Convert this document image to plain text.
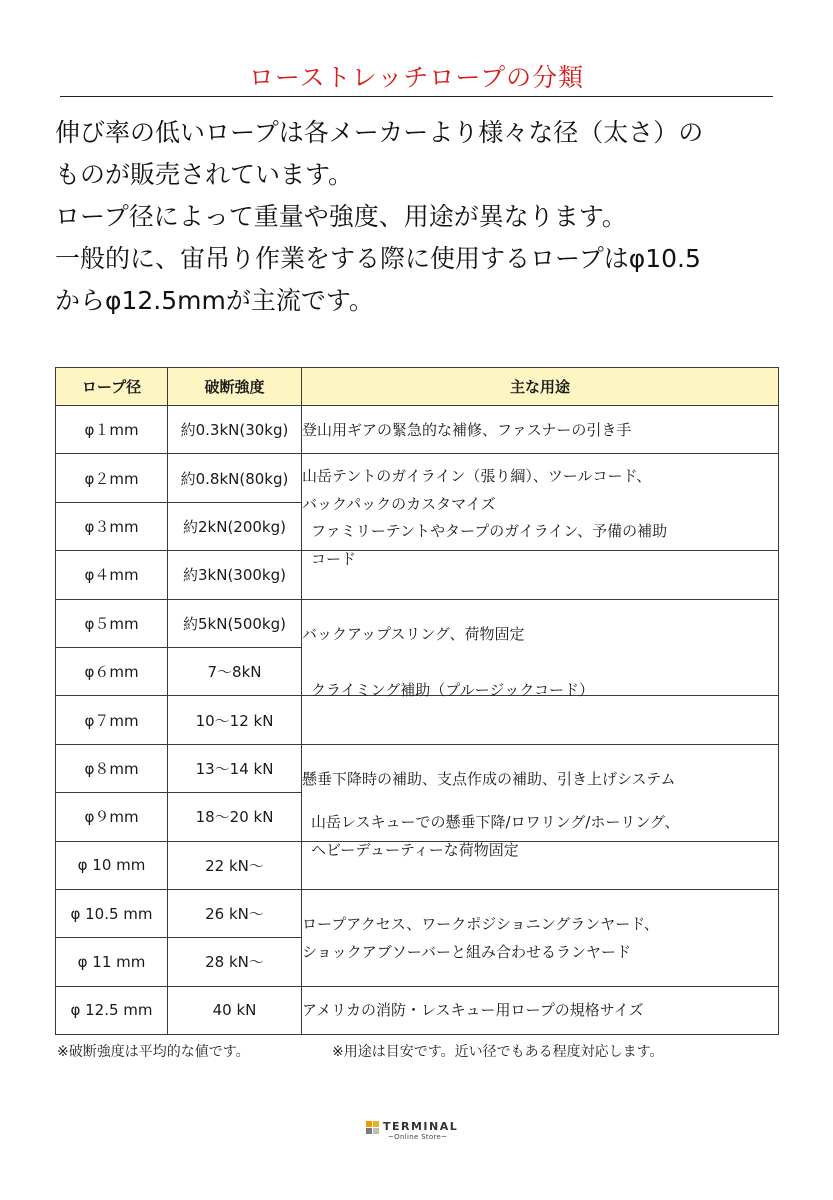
ローストレッチロープの分類
伸び率の低いロープは各メーカーより様々な径（太さ）の
ものが販売されています。
ロープ径によって重量や強度、用途が異なります。
一般的に、宙吊り作業をする際に使用するロープはφ10.5
からφ12.5mmが主流です。
ロープ径	破断強度	主な用途
φ１mm	約0.3kN(30kg)	登山用ギアの緊急的な補修、ファスナーの引き手

φ２mm	約0.8kN(80kg)	山岳テントのガイライン（張り綱）、ツールコード、
バックパックのカスタマイズ

φ３mm	約2kN(200kg)	
φ４mm	約3kN(300kg)	ファミリーテントやタープのガイライン、予備の補助
コード

φ５mm	約5kN(500kg)	バックアップスリング、荷物固定

φ６mm	7～8kN	
φ７mm	10～12 kN	クライミング補助（プルージックコード）

φ８mm	13～14 kN	懸垂下降時の補助、支点作成の補助、引き上げシステム

φ９mm	18～20 kN	
φ 10 mm	22 kN～	山岳レスキューでの懸垂下降/ロワリング/ホーリング、
ヘビーデューティーな荷物固定

φ 10.5 mm	26 kN～	ロープアクセス、ワークポジショニングランヤード、
ショックアブソーバーと組み合わせるランヤード

φ 11 mm	28 kN～	
φ 12.5 mm	40 kN	アメリカの消防・レスキュー用ロープの規格サイズ
※破断強度は平均的な値です。	※用途は目安です。近い径でもある程度対応します。
TERMINAL
~Online Store~
